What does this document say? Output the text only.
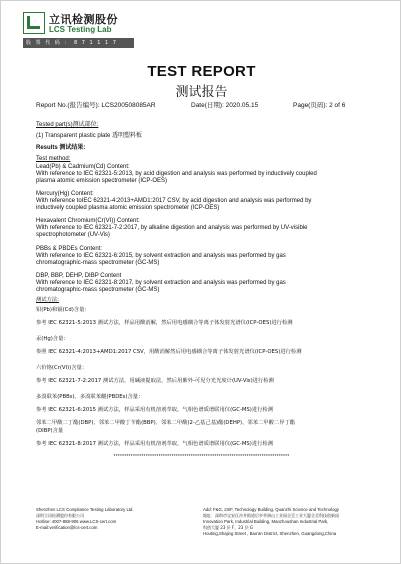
立讯检测股份
LCS Testing Lab
股 票 代 码 ： 8 7 1 1 1 7
TEST REPORT
测试报告
Report No.(报告编号): LCS200508085AR	Date(日期): 2020.05.15	Page(页码): 2 of 6
Tested part(s)测试部位:
(1) Transparent plastic plate 透明塑料板
Results 测试结果:
Test method:
Lead(Pb) & Cadmium(Cd) Content:
With reference to IEC 62321-5:2013, by acid digestion and analysis was performed by inductively coupled
plasma atomic emission spectrometer (ICP-OES)
Mercury(Hg) Content:
With reference toIEC 62321-4:2013+AMD1:2017 CSV, by acid digestion and analysis was performed by
inductively coupled plasma atomic emission spectrometer (ICP-OES)
Hexavalent Chromium(Cr(VI)) Content:
With reference to IEC 62321-7-2:2017, by alkaline digestion and analysis was performed by UV-visible
spectrophotometer (UV-Vis)
PBBs & PBDEs Content:
With reference to IEC 62321-6:2015, by solvent extraction and analysis was performed by gas
chromatographic-mass spectrometer (GC-MS)
DBP, BBP, DEHP, DIBP Content
With reference to IEC 62321-8:2017, by solvent extraction and analysis was performed by gas
chromatographic-mass spectrometer (GC-MS)
测试方法:
铅(Pb)和镉(Cd)含量：
参考 IEC 62321-5:2013 测试方法，样品用酸消解，然后用电感耦合等离子体发射光谱仪(ICP-OES)进行检测
汞(Hg)含量：
参照 IEC 62321-4:2013+AMD1:2017 CSV，用酸消解然后用电感耦合等离子体发射光谱仪(ICP-OES)进行检测
六价铬(Cr(VI))含量：
参考 IEC 62321-7-2:2017 测试方法，用碱液提取法，然后用紫外-可见分光光度计(UV-Vis)进行检测
多溴联苯(PBBs)、多溴联苯醚(PBDEs)含量：
参考 IEC 62321-6:2015 测试方法，样品采用有机溶剂萃取，气相色谱质谱联用仪(GC-MS)进行检测
邻苯二甲酸二丁酯(DBP)、邻苯二甲酸丁苄酯(BBP)、邻苯二甲酸(2-乙基己基)酯(DEHP)、邻苯二甲酸二异丁酯
(DIBP)含量
参考 IEC 62321-8:2017 测试方法，样品采用有机溶剂萃取，气相色谱质谱联用仪(GC-MS)进行检测
**********************************************************************************
Shenzhen LCS Compliance Testing Laboratory Ltd.
深圳立讯检测股份有限公司
Hotline: 4007-888-906 www.LCS-cert.com
E-mail:verification@lcs-cert.com
Add: F&G, 23/F, Technology Building, Quanzhi Science and Technology
地址：深圳市宝安区沙井街道后亭茅洲山工业园全至工业大厦全至科技创新园
Innovation Park, Industrial Building, Maozhoushan Industrial Park,
科创大厦 23 层 F、23 层 G
Houting,Shajing Street , Bao'an District, Shenzhen, Guangdong,China
